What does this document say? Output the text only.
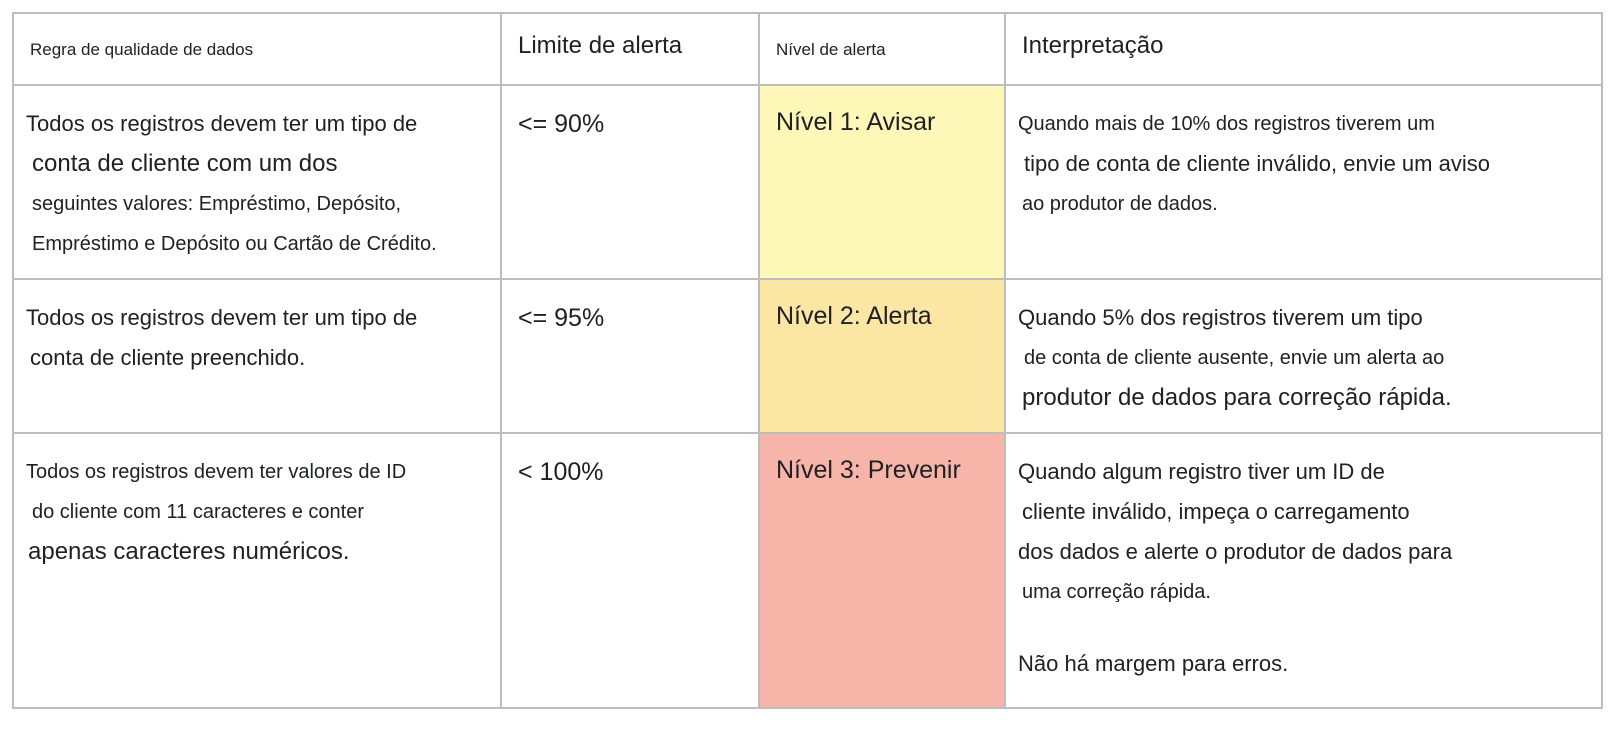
Regra de qualidade de dados	Limite de alerta	Nível de alerta	Interpretação

Todos os registros devem ter um tipo de
conta de cliente com um dos
seguintes valores: Empréstimo, Depósito,
Empréstimo e Depósito ou Cartão de Crédito.	<= 90%	Nível 1: Avisar	Quando mais de 10% dos registros tiverem um
tipo de conta de cliente inválido, envie um aviso
ao produtor de dados.

Todos os registros devem ter um tipo de
conta de cliente preenchido.	<= 95%	Nível 2: Alerta	Quando 5% dos registros tiverem um tipo
de conta de cliente ausente, envie um alerta ao
produtor de dados para correção rápida.

Todos os registros devem ter valores de ID
do cliente com 11 caracteres e conter
apenas caracteres numéricos.	< 100%	Nível 3: Prevenir	Quando algum registro tiver um ID de
cliente inválido, impeça o carregamento
dos dados e alerte o produtor de dados para
uma correção rápida.
Não há margem para erros.
